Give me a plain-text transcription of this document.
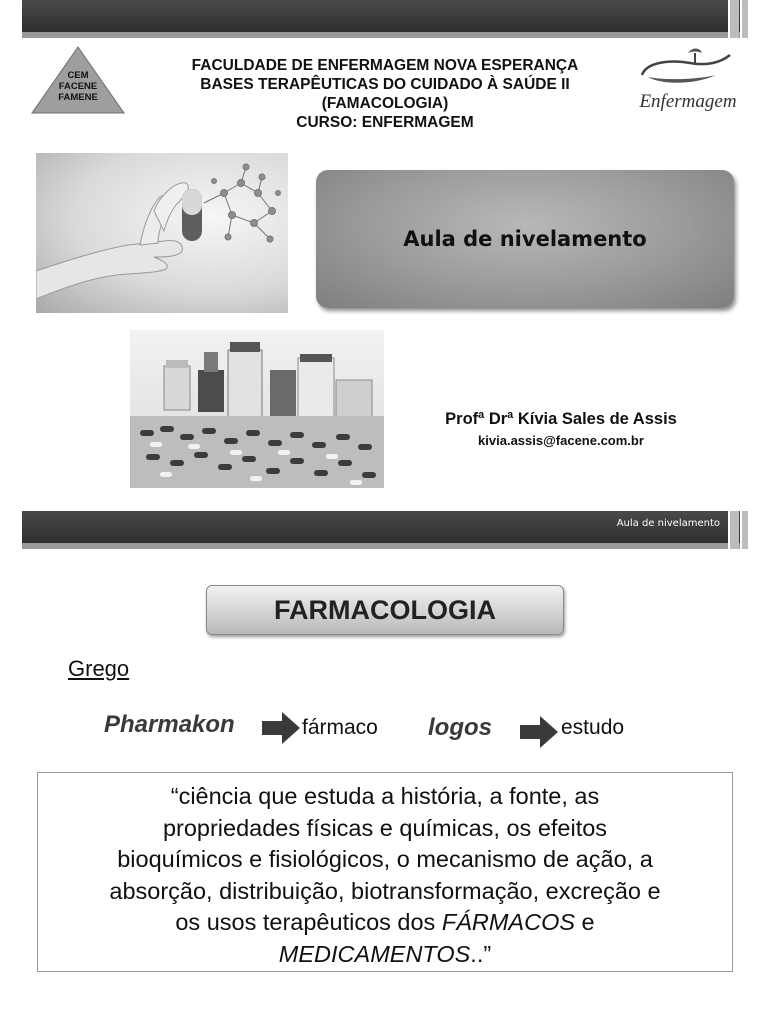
CEM
FACENE
FAMENE
FACULDADE DE ENFERMAGEM NOVA ESPERANÇA
BASES TERAPÊUTICAS DO CUIDADO À SAÚDE II
(FAMACOLOGIA)
CURSO: ENFERMAGEM
Enfermagem
Aula de nivelamento
Profª Drª Kívia Sales de Assis
kivia.assis@facene.com.br
Aula de nivelamento
FARMACOLOGIA
Grego
Pharmakon	fármaco logos	estudo
“ciência que estuda a história, a fonte, as
propriedades físicas e químicas, os efeitos
bioquímicos e fisiológicos, o mecanismo de ação, a
absorção, distribuição, biotransformação, excreção e
os usos terapêuticos dos FÁRMACOS e
MEDICAMENTOS..”
